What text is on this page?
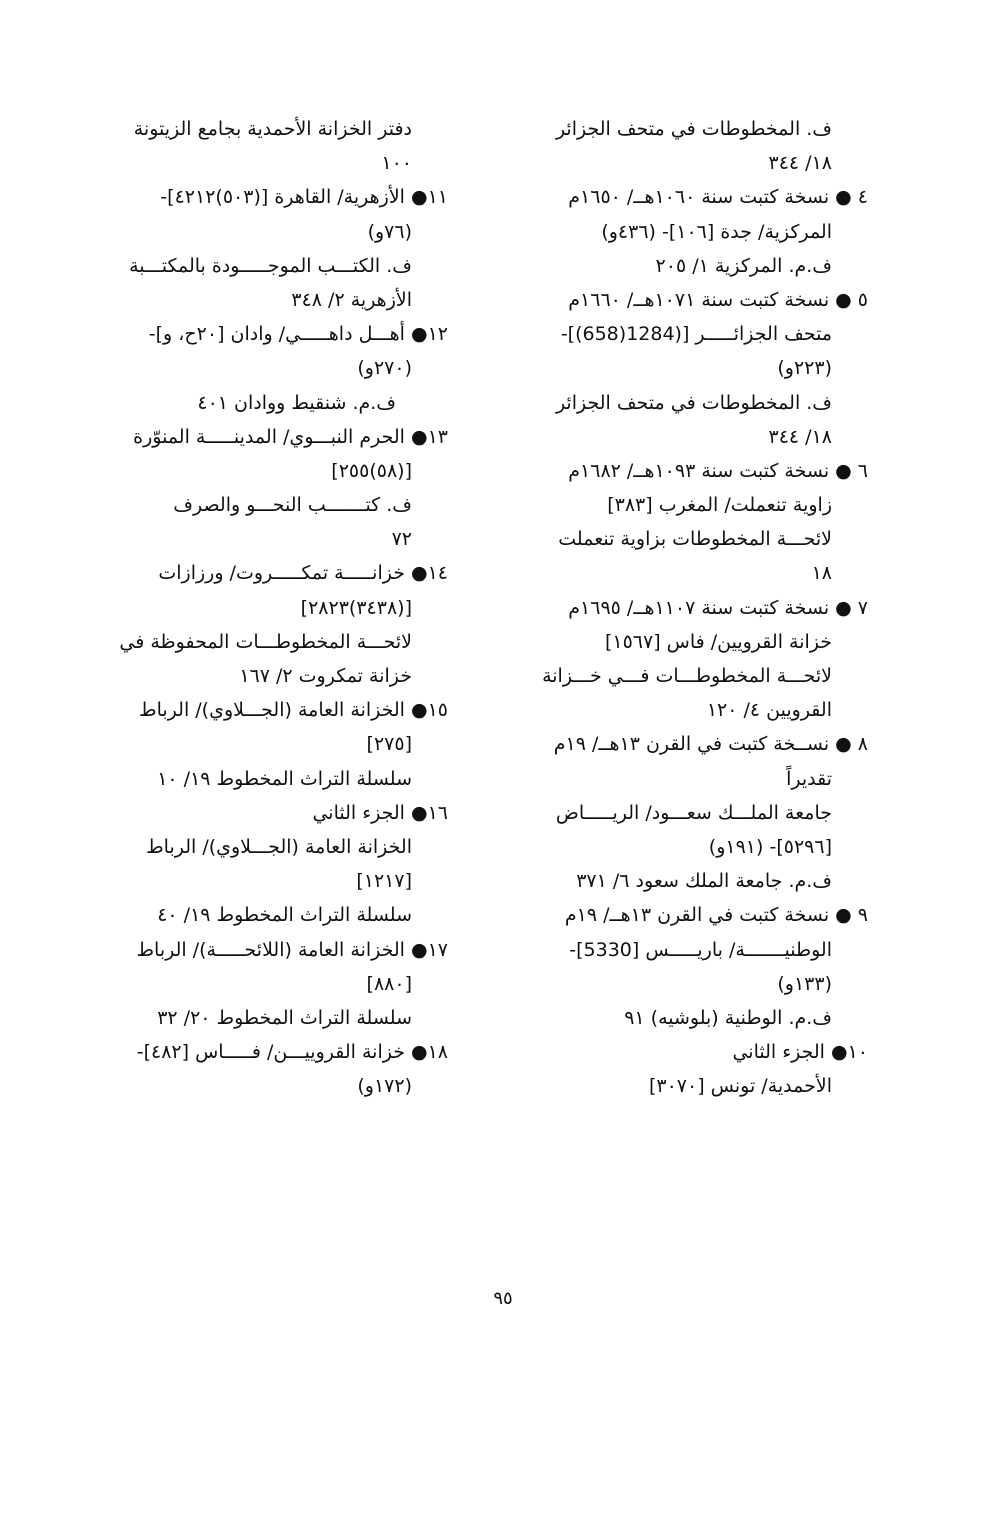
ف. المخطوطات في متحف الجزائر
١٨/ ٣٤٤
٤ ● نسخة كتبت سنة ١٠٦٠هــ/ ١٦٥٠م
المركزية/ جدة [١٠٦]- (٤٣٦و)
ف.م. المركزية ١/ ٢٠٥
٥ ● نسخة كتبت سنة ١٠٧١هــ/ ١٦٦٠م
متحف الجزائـــــر [(1284(658)]-
(٢٢٣و)
ف. المخطوطات في متحف الجزائر
١٨/ ٣٤٤
٦ ● نسخة كتبت سنة ١٠٩٣هــ/ ١٦٨٢م
زاوية تنعملت/ المغرب [٣٨٣]
لائحـــة المخطوطات بزاوية تنعملت
١٨
٧ ● نسخة كتبت سنة ١١٠٧هــ/ ١٦٩٥م
خزانة القرويين/ فاس [١٥٦٧]
لائحـــة المخطوطـــات فـــي خـــزانة
القرويين ٤/ ١٢٠
٨ ● نســخة كتبت في القرن ١٣هــ/ ١٩م
تقديراً
جامعة الملـــك سعـــود/ الريـــــاض
[٥٢٩٦]- (١٩١و)
ف.م. جامعة الملك سعود ٦/ ٣٧١
٩ ● نسخة كتبت في القرن ١٣هــ/ ١٩م
الوطنيـــــــة/ باريـــــس [5330]-
(١٣٣و)
ف.م. الوطنية (بلوشيه) ٩١
١٠● الجزء الثاني
الأحمدية/ تونس [٣٠٧٠]
دفتر الخزانة الأحمدية بجامع الزيتونة
١٠٠
١١● الأزهرية/ القاهرة [(٥٠٣)٤٢١٢]-
(٧٦و)
ف. الكتـــب الموجـــــودة بالمكتـــبة
الأزهرية ٢/ ٣٤٨
١٢● أهـــل داهـــــي/ وادان [٢٠ح، و]-
(٢٧٠و)
ف.م. شنقيط ووادان ٤٠١
١٣● الحرم النبـــوي/ المدينـــــة المنوّرة
[(٥٨)٢٥٥]
ف. كتـــــــب النحـــو والصرف
٧٢
١٤● خزانـــــة تمكـــــروت/ ورزازات
[(٣٤٣٨)٢٨٢٣]
لائحـــة المخطوطـــات المحفوظة في
خزانة تمكروت ٢/ ١٦٧
١٥● الخزانة العامة (الجـــلاوي)/ الرباط
[٢٧٥]
سلسلة التراث المخطوط ١٩/ ١٠
١٦● الجزء الثاني
الخزانة العامة (الجـــلاوي)/ الرباط
[١٢١٧]
سلسلة التراث المخطوط ١٩/ ٤٠
١٧● الخزانة العامة (اللائحـــــة)/ الرباط
[٨٨٠]
سلسلة التراث المخطوط ٢٠/ ٣٢
١٨● خزانة القروييـــن/ فـــــاس [٤٨٢]-
(١٧٢و)
٩٥
